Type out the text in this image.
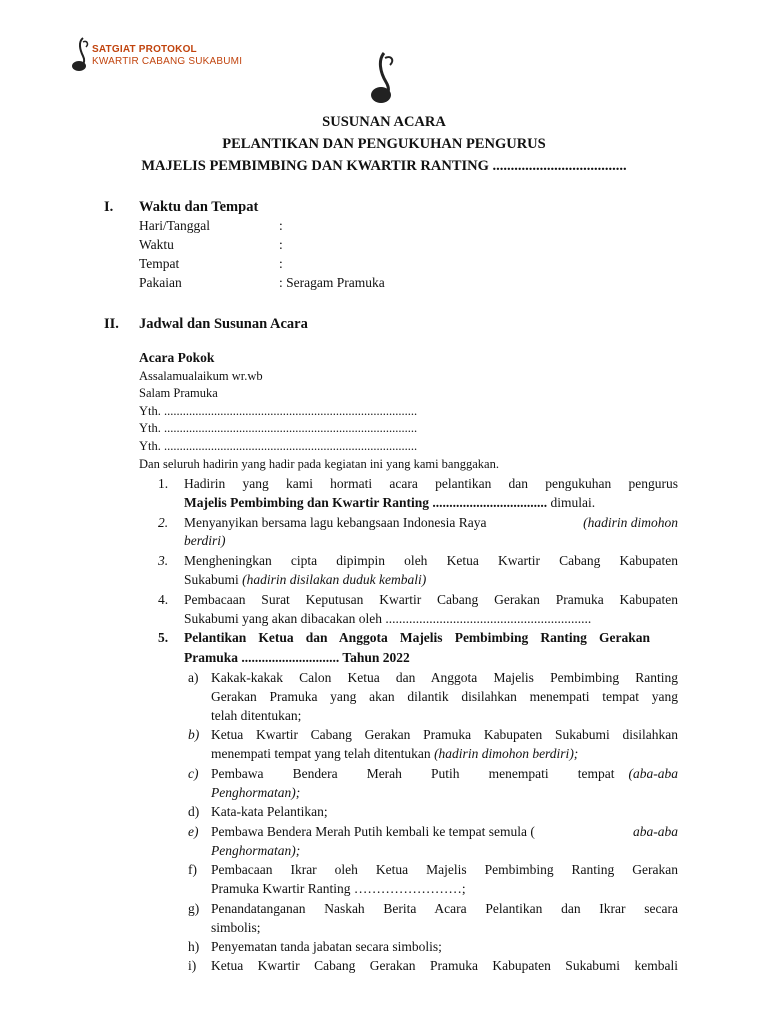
SATGIAT PROTOKOL
KWARTIR CABANG SUKABUMI
SUSUNAN ACARA
PELANTIKAN DAN PENGUKUHAN PENGURUS
MAJELIS PEMBIMBING DAN KWARTIR RANTING .....................................
I. Waktu dan Tempat
Hari/Tanggal	:
Waktu	:
Tempat	:
Pakaian	: Seragam Pramuka
II. Jadwal dan Susunan Acara
Acara Pokok
Assalamualaikum wr.wb
Salam Pramuka
Yth. .................................................................................
Yth. .................................................................................
Yth. .................................................................................
Dan seluruh hadirin yang hadir pada kegiatan ini yang kami banggakan.
1. Hadirin yang kami hormati acara pelantikan dan pengukuhan pengurus
Majelis Pembimbing dan Kwartir Ranting .................................. dimulai.
2. Menyanyikan bersama lagu kebangsaan Indonesia Raya	(hadirin dimohon
berdiri)
3. Mengheningkan cipta dipimpin oleh Ketua Kwartir Cabang Kabupaten
Sukabumi (hadirin disilakan duduk kembali)
4. Pembacaan Surat Keputusan Kwartir Cabang Gerakan Pramuka Kabupaten
Sukabumi yang akan dibacakan oleh .............................................................
5. Pelantikan Ketua dan Anggota Majelis Pembimbing Ranting Gerakan
Pramuka ............................. Tahun 2022
a) Kakak-kakak Calon Ketua dan Anggota Majelis Pembimbing Ranting
Gerakan Pramuka yang akan dilantik disilahkan menempati tempat yang
telah ditentukan;
b) Ketua Kwartir Cabang Gerakan Pramuka Kabupaten Sukabumi disilahkan
menempati tempat yang telah ditentukan (hadirin dimohon berdiri);
c) Pembawa Bendera Merah Putih menempati tempat	(aba-aba
Penghormatan);
d) Kata-kata Pelantikan;
e) Pembawa Bendera Merah Putih kembali ke tempat semula (	aba-aba
Penghormatan);
f) Pembacaan Ikrar oleh Ketua Majelis Pembimbing Ranting Gerakan
Pramuka Kwartir Ranting ……………………;
g) Penandatanganan Naskah Berita Acara Pelantikan dan Ikrar secara
simbolis;
h) Penyematan tanda jabatan secara simbolis;
i) Ketua Kwartir Cabang Gerakan Pramuka Kabupaten Sukabumi kembali
